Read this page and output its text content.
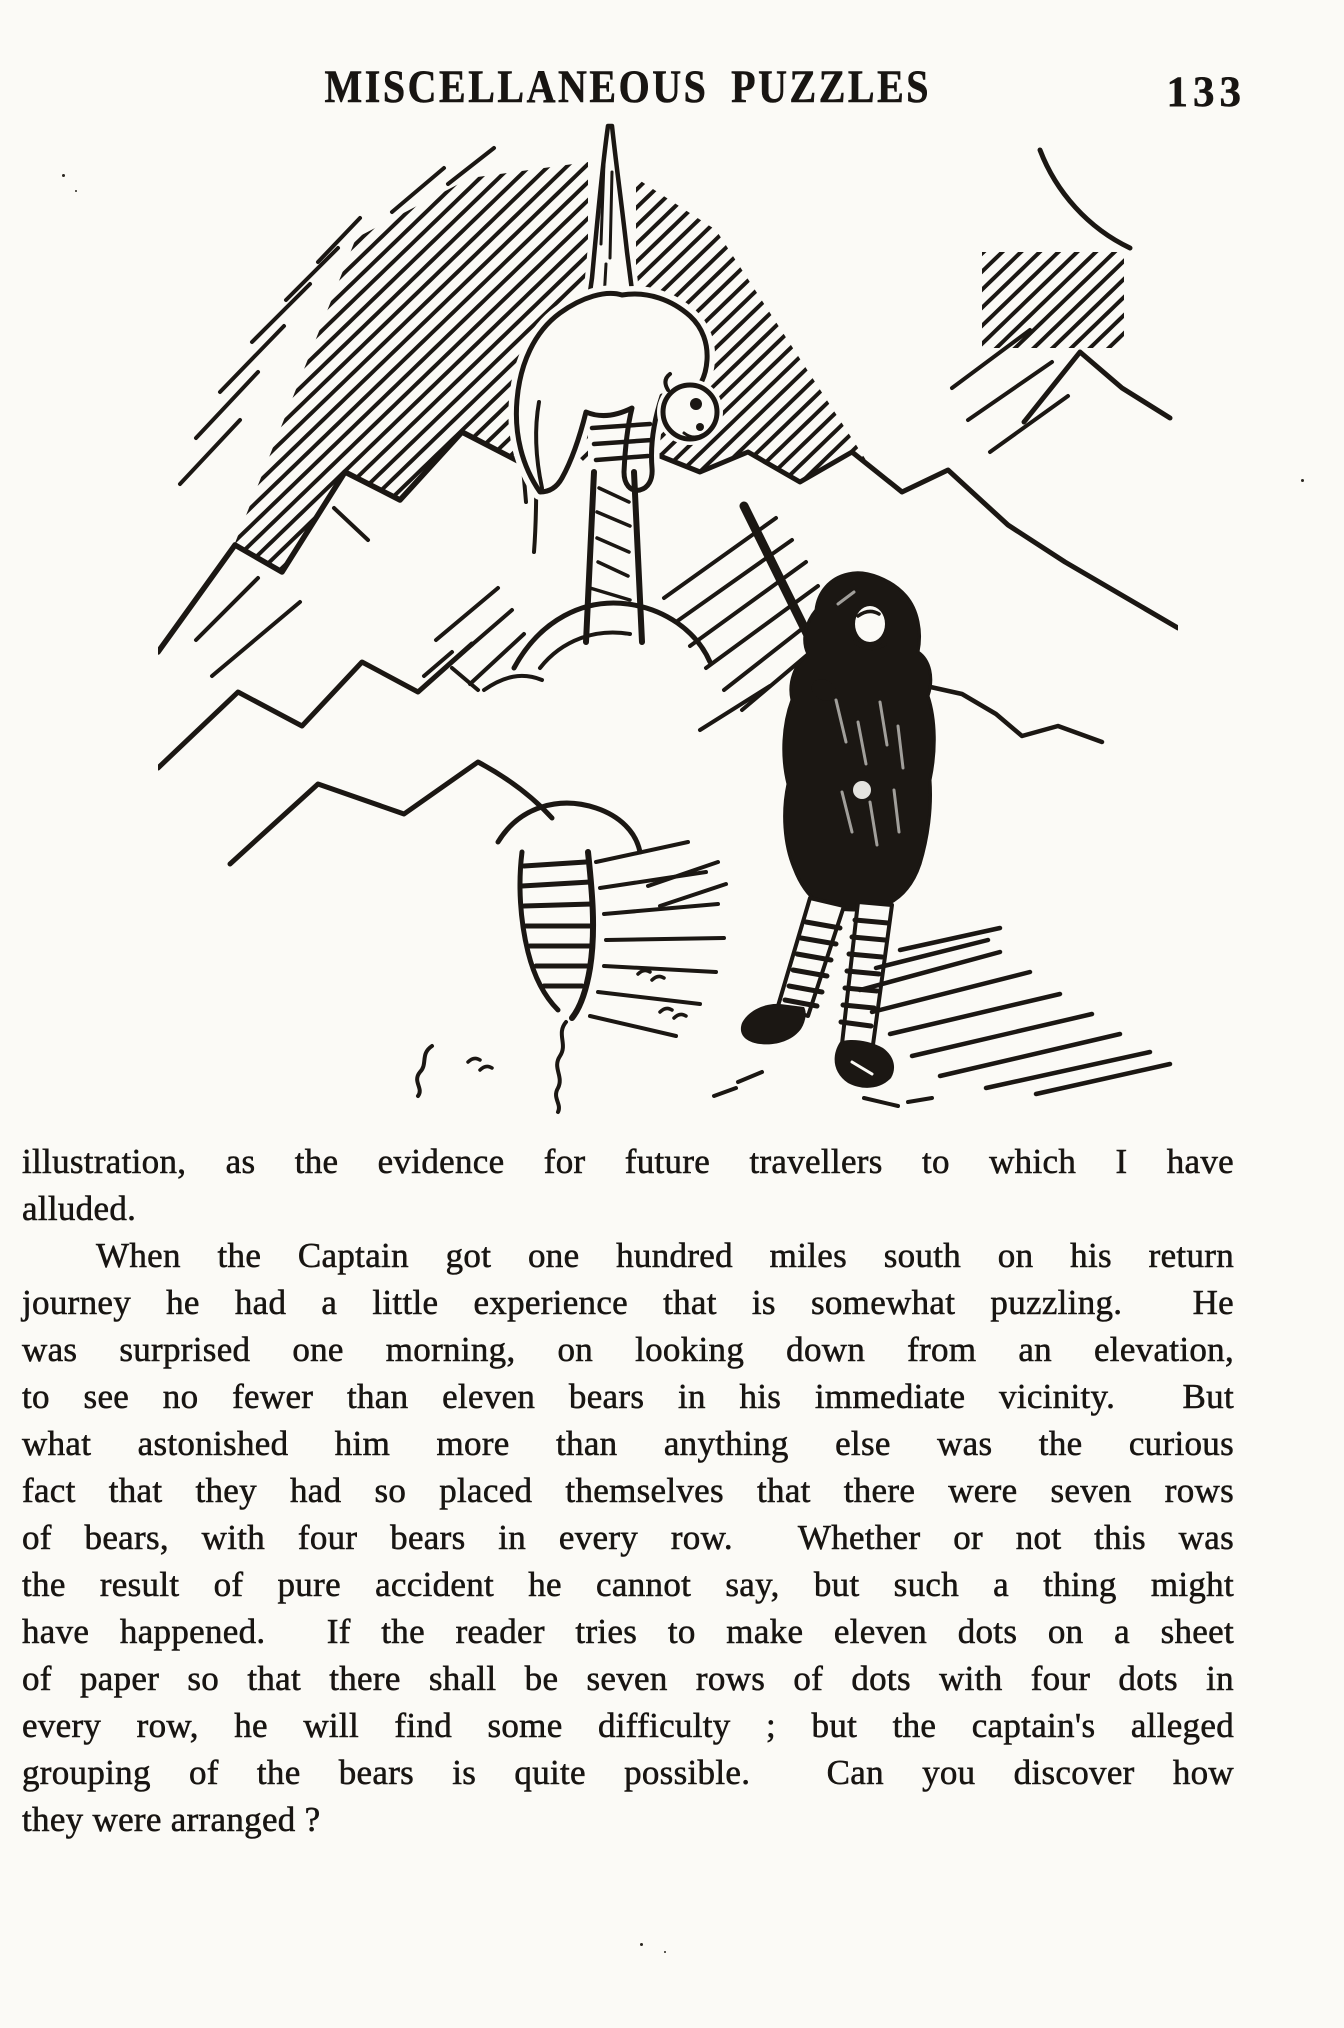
MISCELLANEOUS PUZZLES	133
illustration, as the evidence for future travellers to which I have
alluded.
When the Captain got one hundred miles south on his return
journey he had a little experience that is somewhat puzzling.  He
was surprised one morning, on looking down from an elevation,
to see no fewer than eleven bears in his immediate vicinity.  But
what astonished him more than anything else was the curious
fact that they had so placed themselves that there were seven rows
of bears, with four bears in every row.  Whether or not this was
the result of pure accident he cannot say, but such a thing might
have happened.  If the reader tries to make eleven dots on a sheet
of paper so that there shall be seven rows of dots with four dots in
every row, he will find some difficulty ; but the captain's alleged
grouping of the bears is quite possible.  Can you discover how
they were arranged ?
